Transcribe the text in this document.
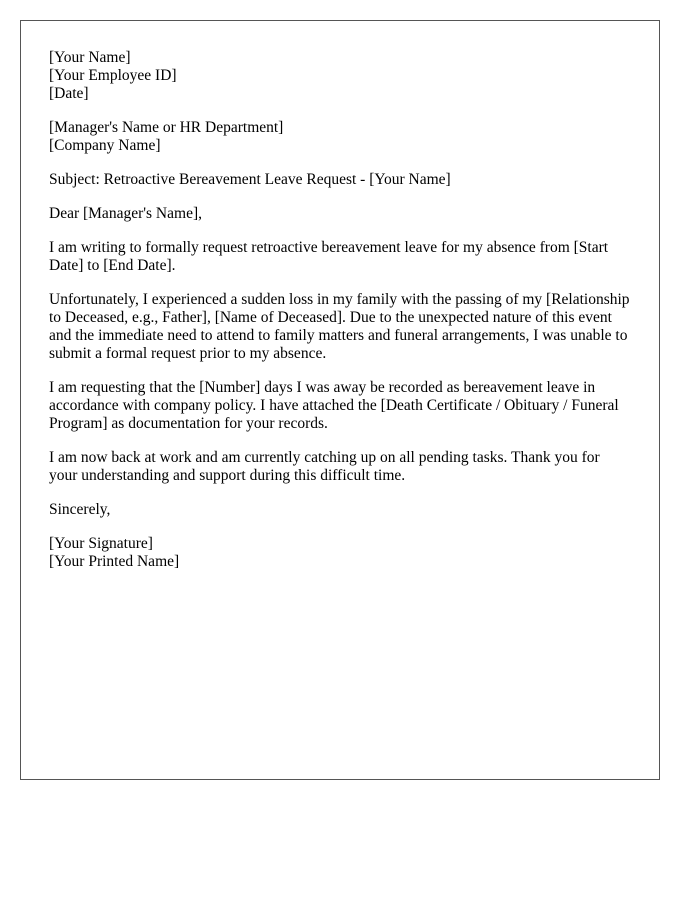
[Your Name]
[Your Employee ID]
[Date]
[Manager's Name or HR Department]
[Company Name]

Subject: Retroactive Bereavement Leave Request - [Your Name]

Dear [Manager's Name],

I am writing to formally request retroactive bereavement leave for my absence from [Start Date] to [End Date].

Unfortunately, I experienced a sudden loss in my family with the passing of my [Relationship to Deceased, e.g., Father], [Name of Deceased]. Due to the unexpected nature of this event and the immediate need to attend to family matters and funeral arrangements, I was unable to submit a formal request prior to my absence.

I am requesting that the [Number] days I was away be recorded as bereavement leave in accordance with company policy. I have attached the [Death Certificate / Obituary / Funeral Program] as documentation for your records.

I am now back at work and am currently catching up on all pending tasks. Thank you for your understanding and support during this difficult time.

Sincerely,

[Your Signature]
[Your Printed Name]
